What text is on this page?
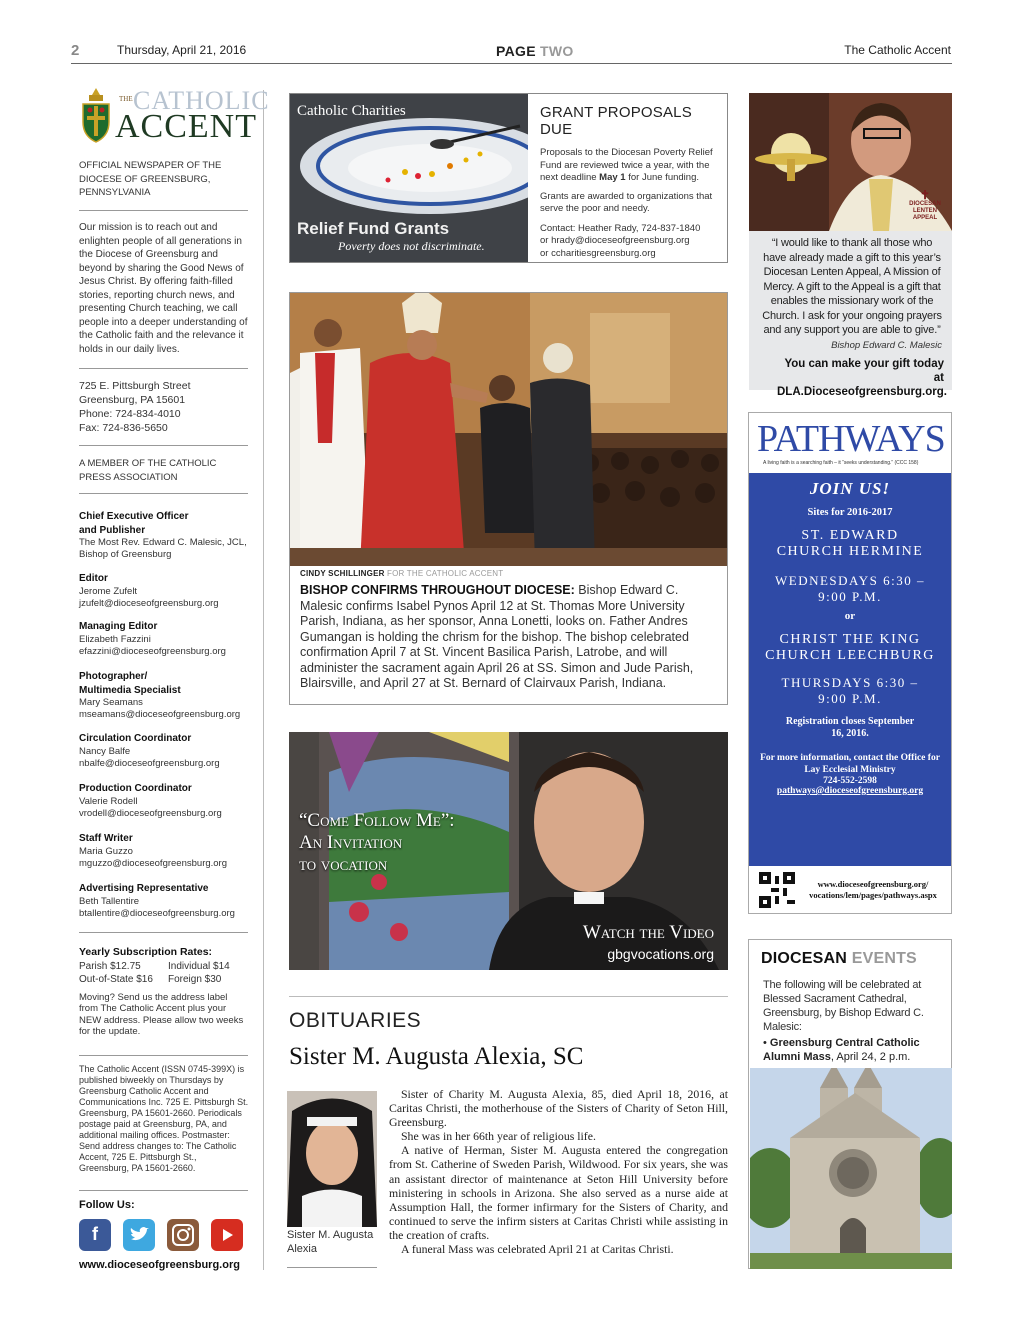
2	Thursday, April 21, 2016	PAGE TWO	The Catholic Accent
THE CATHOLIC
ACCENT
OFFICIAL NEWSPAPER OF THE DIOCESE OF GREENSBURG, PENNSYLVANIA
Our mission is to reach out and enlighten people of all generations in the Diocese of Greensburg and beyond by sharing the Good News of Jesus Christ. By offering faith-filled stories, reporting church news, and presenting Church teaching, we call people into a deeper understanding of the Catholic faith and the relevance it holds in our daily lives.
725 E. Pittsburgh Street
Greensburg, PA 15601
Phone: 724-834-4010
Fax: 724-836-5650
A MEMBER OF THE CATHOLIC PRESS ASSOCIATION
Chief Executive Officer and Publisher
The Most Rev. Edward C. Malesic, JCL,
Bishop of Greensburg
Editor
Jerome Zufelt
jzufelt@dioceseofgreensburg.org
Managing Editor
Elizabeth Fazzini
efazzini@dioceseofgreensburg.org
Photographer/ Multimedia Specialist
Mary Seamans
mseamans@dioceseofgreensburg.org
Circulation Coordinator
Nancy Balfe
nbalfe@dioceseofgreensburg.org
Production Coordinator
Valerie Rodell
vrodell@dioceseofgreensburg.org
Staff Writer
Maria Guzzo
mguzzo@dioceseofgreensburg.org
Advertising Representative
Beth Tallentire
btallentire@dioceseofgreensburg.org
Yearly Subscription Rates:
Parish $12.75	Individual $14
Out-of-State $16	Foreign $30
Moving? Send us the address label from The Catholic Accent plus your NEW address. Please allow two weeks for the update.
The Catholic Accent (ISSN 0745-399X) is published biweekly on Thursdays by Greensburg Catholic Accent and Communications Inc. 725 E. Pittsburgh St. Greensburg, PA 15601-2660. Periodicals postage paid at Greensburg, PA, and additional mailing offices. Postmaster: Send address changes to: The Catholic Accent, 725 E. Pittsburgh St., Greensburg, PA 15601-2660.
Follow Us:
f
www.dioceseofgreensburg.org
Catholic Charities
Relief Fund Grants
Poverty does not discriminate.
GRANT PROPOSALS DUE
Proposals to the Diocesan Poverty Relief Fund are reviewed twice a year, with the next deadline May 1 for June funding.
Grants are awarded to organizations that serve the poor and needy.
Contact: Heather Rady, 724-837-1840
or hrady@dioceseofgreensburg.org
or ccharitiesgreensburg.org
CINDY SCHILLINGER FOR THE CATHOLIC ACCENT
BISHOP CONFIRMS THROUGHOUT DIOCESE: Bishop Edward C. Malesic confirms Isabel Pynos April 12 at St. Thomas More University Parish, Indiana, as her sponsor, Anna Lonetti, looks on. Father Andres Gumangan is holding the chrism for the bishop. The bishop celebrated confirmation April 7 at St. Vincent Basilica Parish, Latrobe, and will administer the sacrament again April 26 at SS. Simon and Jude Parish, Blairsville, and April 27 at St. Bernard of Clairvaux Parish, Indiana.
“Come Follow Me”:
An Invitation
to vocation
Watch the Video
gbgvocations.org
OBITUARIES
Sister M. Augusta Alexia, SC
Sister M. Augusta Alexia

Sister of Charity M. Augusta Alexia, 85, died April 18, 2016, at Caritas Christi, the motherhouse of the Sisters of Charity of Seton Hill, Greensburg.

She was in her 66th year of religious life.

A native of Herman, Sister M. Augusta entered the congregation from St. Catherine of Sweden Parish, Wildwood. For six years, she was an assistant director of maintenance at Seton Hill University before ministering in schools in Arizona. She also served as a nurse aide at Assumption Hall, the former infirmary for the Sisters of Charity, and continued to serve the infirm sisters at Caritas Christi while assisting in the creation of crafts.

A funeral Mass was celebrated April 21 at Caritas Christi.

✝
DIOCESAN
LENTEN
APPEAL
“I would like to thank all those who have already made a gift to this year’s Diocesan Lenten Appeal, A Mission of Mercy. A gift to the Appeal is a gift that enables the missionary work of the Church. I ask for your ongoing prayers and any support you are able to give.”
Bishop Edward C. Malesic
You can make your gift today at DLA.Dioceseofgreensburg.org.
PATHWAYS
A living faith is a searching faith – it “seeks understanding.” (CCC 158)
JOIN US!
Sites for 2016-2017
ST. EDWARD CHURCH HERMINE
WEDNESDAYS 6:30 – 9:00 P.M.
or
CHRIST THE KING CHURCH LEECHBURG
THURSDAYS 6:30 – 9:00 P.M.
Registration closes September 16, 2016.
For more information, contact the Office for Lay Ecclesial Ministry
724-552-2598
pathways@dioceseofgreensburg.org
www.dioceseofgreensburg.org/ vocations/lem/pages/pathways.aspx
DIOCESAN EVENTS
The following will be celebrated at Blessed Sacrament Cathedral, Greensburg, by Bishop Edward C. Malesic:
• Greensburg Central Catholic Alumni Mass, April 24, 2 p.m.
